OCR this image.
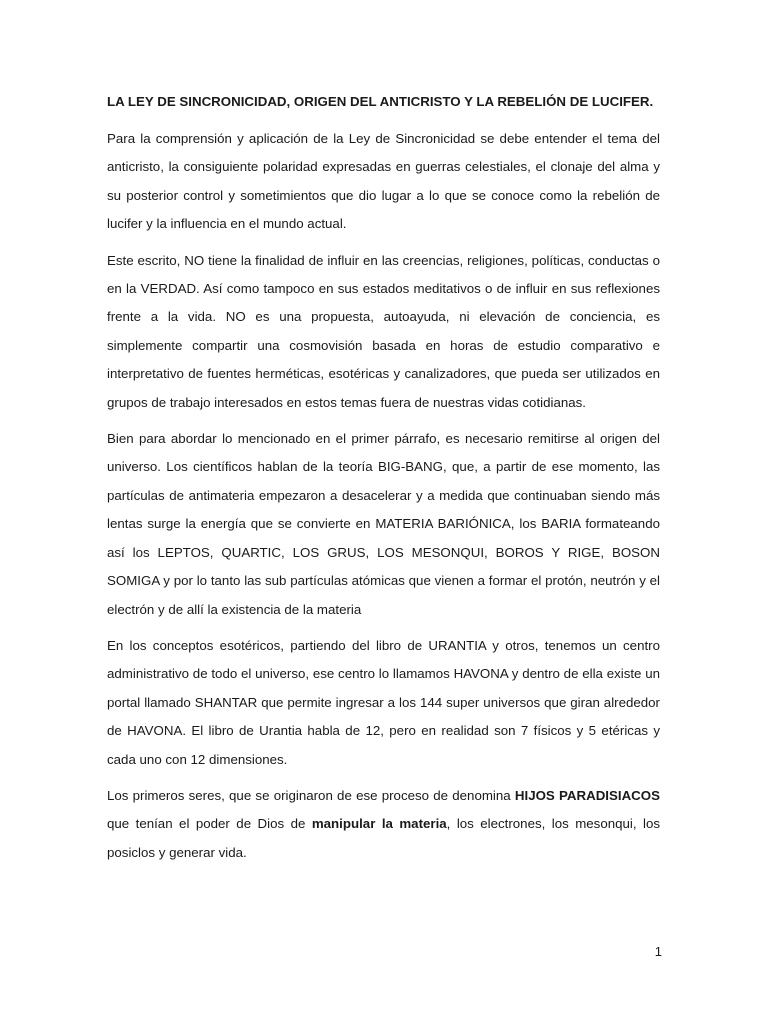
LA LEY DE SINCRONICIDAD, ORIGEN DEL ANTICRISTO Y LA REBELIÓN DE LUCIFER.

Para la comprensión y aplicación de la Ley de Sincronicidad se debe entender el tema del anticristo, la consiguiente polaridad expresadas en guerras celestiales, el clonaje del alma y su posterior control y sometimientos que dio lugar a lo que se conoce como la rebelión de lucifer y la influencia en el mundo actual.

Este escrito, NO tiene la finalidad de influir en las creencias, religiones, políticas, conductas o en la VERDAD. Así como tampoco en sus estados meditativos o de influir en sus reflexiones frente a la vida. NO es una propuesta, autoayuda, ni elevación de conciencia, es simplemente compartir una cosmovisión basada en horas de estudio comparativo e interpretativo de fuentes herméticas, esotéricas y canalizadores, que pueda ser utilizados en grupos de trabajo interesados en estos temas fuera de nuestras vidas cotidianas.

Bien para abordar lo mencionado en el primer párrafo, es necesario remitirse al origen del universo. Los científicos hablan de la teoría BIG-BANG, que, a partir de ese momento, las partículas de antimateria empezaron a desacelerar y a medida que continuaban siendo más lentas surge la energía que se convierte en MATERIA BARIÓNICA, los BARIA formateando así los LEPTOS, QUARTIC, LOS GRUS, LOS MESONQUI, BOROS Y RIGE, BOSON SOMIGA y por lo tanto las sub partículas atómicas que vienen a formar el protón, neutrón y el electrón y de allí la existencia de la materia

En los conceptos esotéricos, partiendo del libro de URANTIA y otros, tenemos un centro administrativo de todo el universo, ese centro lo llamamos HAVONA y dentro de ella existe un portal llamado SHANTAR que permite ingresar a los 144 super universos que giran alrededor de HAVONA. El libro de Urantia habla de 12, pero en realidad son 7 físicos y 5 etéricas y cada uno con 12 dimensiones.

Los primeros seres, que se originaron de ese proceso de denomina HIJOS PARADISIACOS que tenían el poder de Dios de manipular la materia, los electrones, los mesonqui, los posiclos y generar vida.

1
